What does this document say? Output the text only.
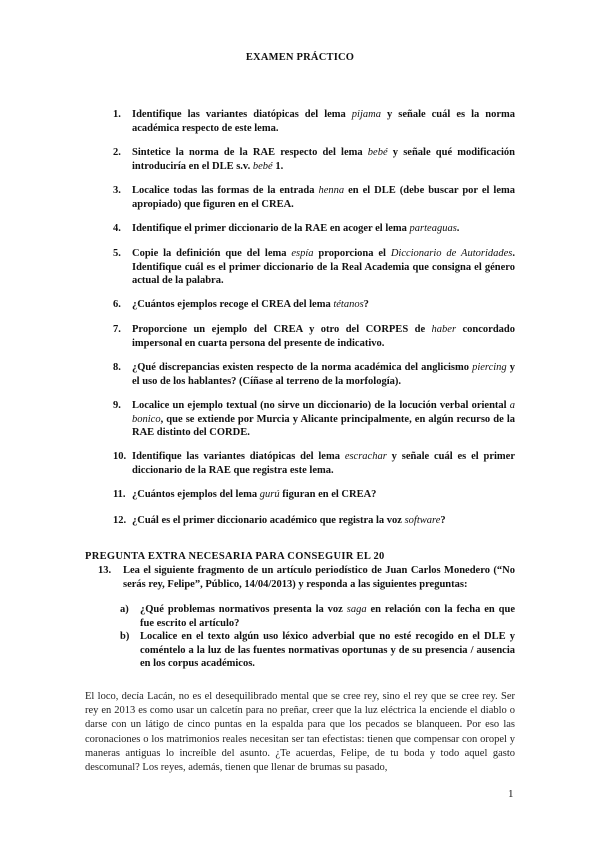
EXAMEN PRÁCTICO
1. Identifique las variantes diatópicas del lema pijama y señale cuál es la norma académica respecto de este lema.
2. Sintetice la norma de la RAE respecto del lema bebé y señale qué modificación introduciría en el DLE s.v. bebé 1.
3. Localice todas las formas de la entrada henna en el DLE (debe buscar por el lema apropiado) que figuren en el CREA.
4. Identifique el primer diccionario de la RAE en acoger el lema parteaguas.
5. Copie la definición que del lema espía proporciona el Diccionario de Autoridades. Identifique cuál es el primer diccionario de la Real Academia que consigna el género actual de la palabra.
6. ¿Cuántos ejemplos recoge el CREA del lema tétanos?
7. Proporcione un ejemplo del CREA y otro del CORPES de haber concordado impersonal en cuarta persona del presente de indicativo.
8. ¿Qué discrepancias existen respecto de la norma académica del anglicismo piercing y el uso de los hablantes? (Cíñase al terreno de la morfología).
9. Localice un ejemplo textual (no sirve un diccionario) de la locución verbal oriental a bonico, que se extiende por Murcia y Alicante principalmente, en algún recurso de la RAE distinto del CORDE.
10. Identifique las variantes diatópicas del lema escrachar y señale cuál es el primer diccionario de la RAE que registra este lema.
11. ¿Cuántos ejemplos del lema gurú figuran en el CREA?
12. ¿Cuál es el primer diccionario académico que registra la voz software?
PREGUNTA EXTRA NECESARIA PARA CONSEGUIR EL 20
13. Lea el siguiente fragmento de un artículo periodístico de Juan Carlos Monedero (“No serás rey, Felipe”, Público, 14/04/2013) y responda a las siguientes preguntas:
a) ¿Qué problemas normativos presenta la voz saga en relación con la fecha en que fue escrito el artículo?
b) Localice en el texto algún uso léxico adverbial que no esté recogido en el DLE y coméntelo a la luz de las fuentes normativas oportunas y de su presencia / ausencia en los corpus académicos.
El loco, decía Lacán, no es el desequilibrado mental que se cree rey, sino el rey que se cree rey. Ser rey en 2013 es como usar un calcetín para no preñar, creer que la luz eléctrica la enciende el diablo o darse con un látigo de cinco puntas en la espalda para que los pecados se blanqueen. Por eso las coronaciones o los matrimonios reales necesitan ser tan efectistas: tienen que compensar con oropel y maneras antiguas lo increíble del asunto. ¿Te acuerdas, Felipe, de tu boda y todo aquel gasto descomunal? Los reyes, además, tienen que llenar de brumas su pasado,
1
